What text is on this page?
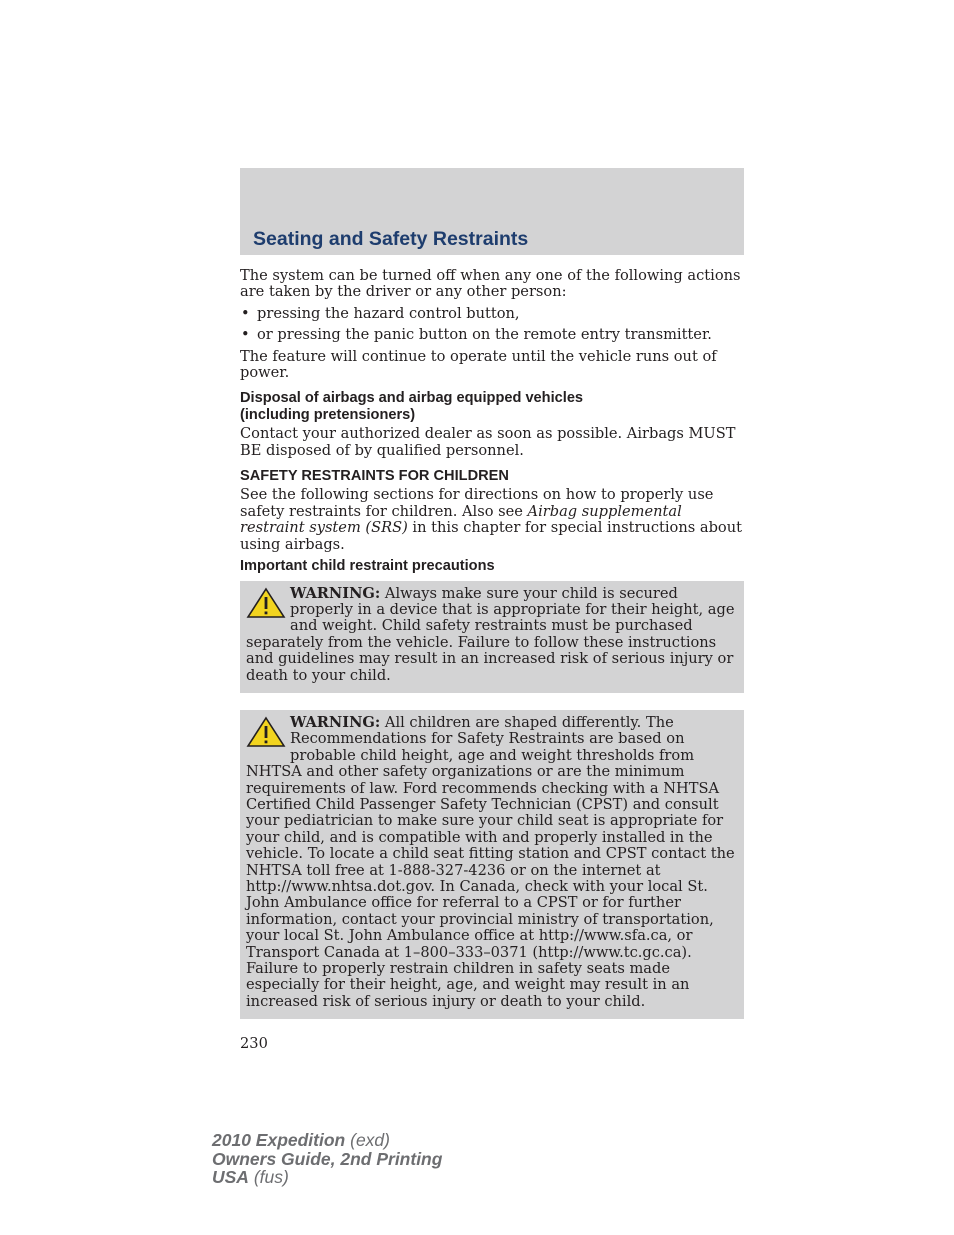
Seating and Safety Restraints

The system can be turned off when any one of the following actions are taken by the driver or any other person:

• pressing the hazard control button,
• or pressing the panic button on the remote entry transmitter.

The feature will continue to operate until the vehicle runs out of power.

Disposal of airbags and airbag equipped vehicles
(including pretensioners)

Contact your authorized dealer as soon as possible. Airbags MUST BE disposed of by qualified personnel.

SAFETY RESTRAINTS FOR CHILDREN

See the following sections for directions on how to properly use safety restraints for children. Also see Airbag supplemental restraint system (SRS) in this chapter for special instructions about using airbags.

Important child restraint precautions
WARNING: Always make sure your child is secured properly in a device that is appropriate for their height, age and weight. Child safety restraints must be purchased separately from the vehicle. Failure to follow these instructions and guidelines may result in an increased risk of serious injury or death to your child.
WARNING: All children are shaped differently. The Recommendations for Safety Restraints are based on probable child height, age and weight thresholds from NHTSA and other safety organizations or are the minimum requirements of law. Ford recommends checking with a NHTSA Certified Child Passenger Safety Technician (CPST) and consult your pediatrician to make sure your child seat is appropriate for your child, and is compatible with and properly installed in the vehicle. To locate a child seat fitting station and CPST contact the NHTSA toll free at 1-888-327-4236 or on the internet at http://www.nhtsa.dot.gov. In Canada, check with your local St. John Ambulance office for referral to a CPST or for further information, contact your provincial ministry of transportation, your local St. John Ambulance office at http://www.sfa.ca, or Transport Canada at 1–800–333–0371 (http://www.tc.gc.ca). Failure to properly restrain children in safety seats made especially for their height, age, and weight may result in an increased risk of serious injury or death to your child.
230
2010 Expedition (exd)
Owners Guide, 2nd Printing
USA (fus)
